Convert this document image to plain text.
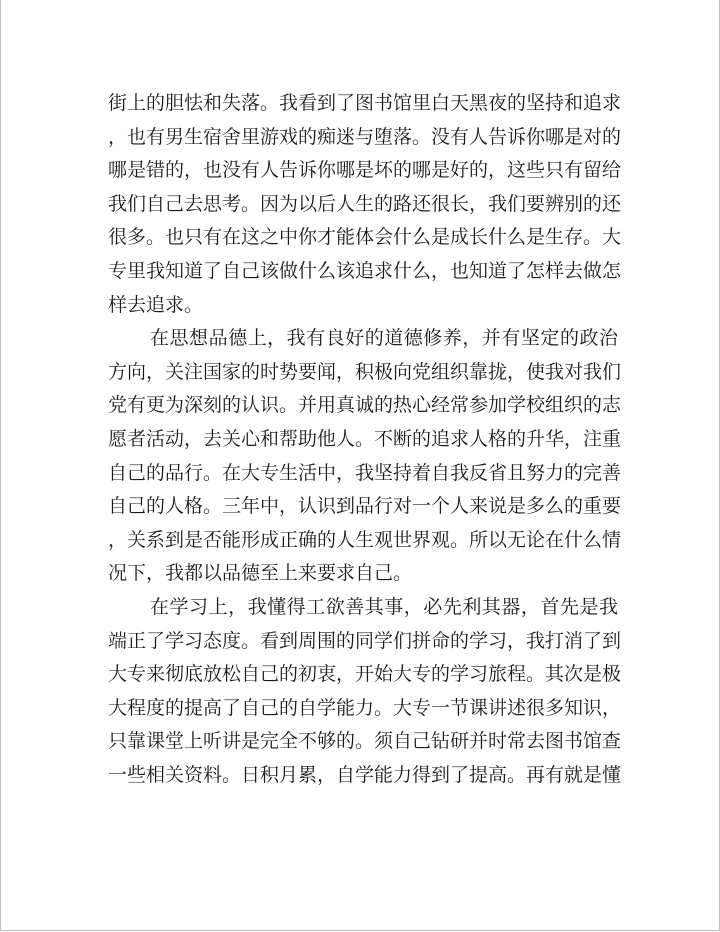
街上的胆怯和失落。我看到了图书馆里白天黑夜的坚持和追求
，也有男生宿舍里游戏的痴迷与堕落。没有人告诉你哪是对的
哪是错的，也没有人告诉你哪是坏的哪是好的，这些只有留给
我们自己去思考。因为以后人生的路还很长，我们要辨别的还
很多。也只有在这之中你才能体会什么是成长什么是生存。大
专里我知道了自己该做什么该追求什么，也知道了怎样去做怎
样去追求。
在思想品德上，我有良好的道德修养，并有坚定的政治
方向，关注国家的时势要闻，积极向党组织靠拢，使我对我们
党有更为深刻的认识。并用真诚的热心经常参加学校组织的志
愿者活动，去关心和帮助他人。不断的追求人格的升华，注重
自己的品行。在大专生活中，我坚持着自我反省且努力的完善
自己的人格。三年中，认识到品行对一个人来说是多么的重要
，关系到是否能形成正确的人生观世界观。所以无论在什么情
况下，我都以品德至上来要求自己。
在学习上，我懂得工欲善其事，必先利其器，首先是我
端正了学习态度。看到周围的同学们拼命的学习，我打消了到
大专来彻底放松自己的初衷，开始大专的学习旅程。其次是极
大程度的提高了自己的自学能力。大专一节课讲述很多知识，
只靠课堂上听讲是完全不够的。须自己钻研并时常去图书馆查
一些相关资料。日积月累，自学能力得到了提高。再有就是懂
